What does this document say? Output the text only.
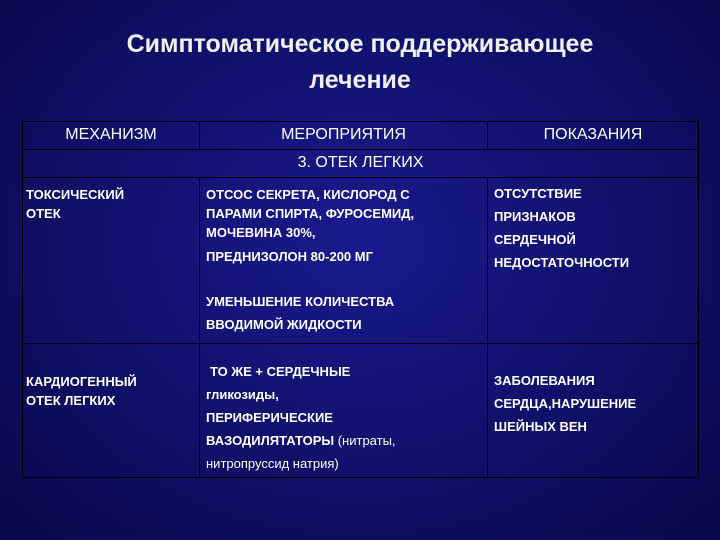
Симптоматическое поддерживающее
лечение
МЕХАНИЗМ	МЕРОПРИЯТИЯ	ПОКАЗАНИЯ
3. ОТЕК ЛЕГКИХ
ТОКСИЧЕСКИЙ
ОТЕК
ОТСОС СЕКРЕТА, КИСЛОРОД С
ПАРАМИ СПИРТА, ФУРОСЕМИД,
МОЧЕВИНА 30%,
ПРЕДНИЗОЛОН 80-200 МГ
ОТСУТСТВИЕ
ПРИЗНАКОВ
СЕРДЕЧНОЙ
НЕДОСТАТОЧНОСТИ
УМЕНЬШЕНИЕ КОЛИЧЕСТВА
ВВОДИМОЙ ЖИДКОСТИ
КАРДИОГЕННЫЙ
ОТЕК ЛЕГКИХ
ТО ЖЕ + СЕРДЕЧНЫЕ
гликозиды,
ПЕРИФЕРИЧЕСКИЕ
ВАЗОДИЛЯТАТОРЫ (нитраты,
нитропруссид натрия)
ЗАБОЛЕВАНИЯ
СЕРДЦА,НАРУШЕНИЕ
ШЕЙНЫХ ВЕН
